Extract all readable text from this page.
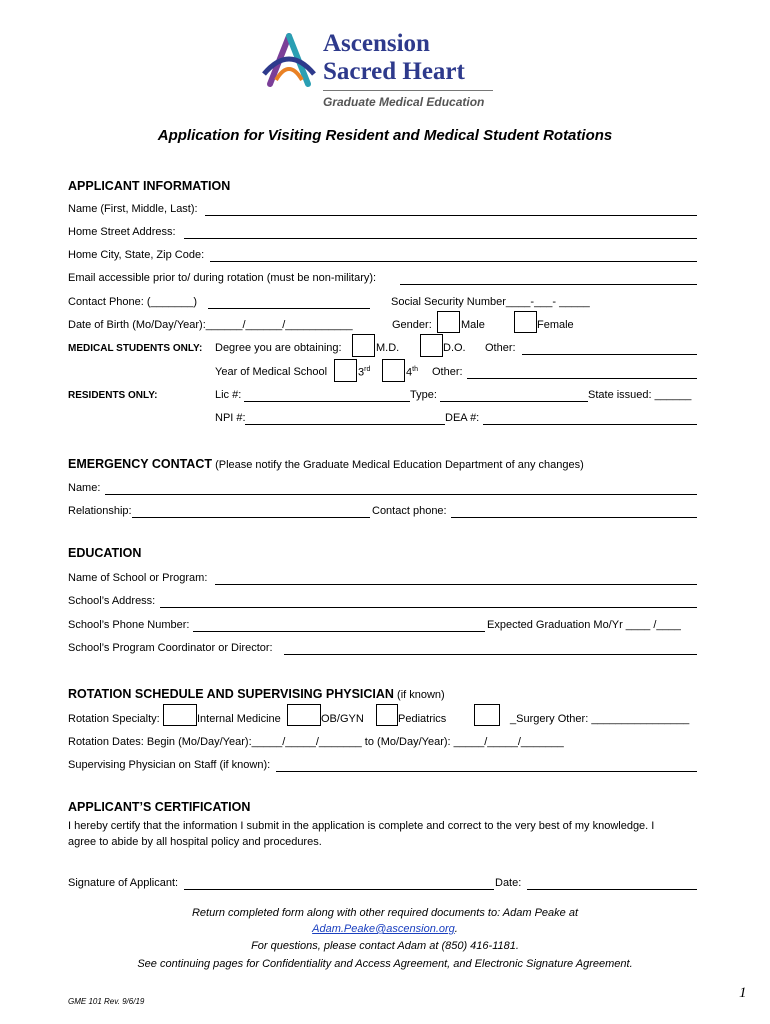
Ascension
Sacred Heart
Graduate Medical Education
Application for Visiting Resident and Medical Student Rotations
APPLICANT INFORMATION
Name (First, Middle, Last):
Home Street Address:
Home City, State, Zip Code:
Email accessible prior to/ during rotation (must be non-military):
Contact Phone: (_______)	Social Security Number____-___- _____
Date of Birth (Mo/Day/Year):______/______/___________	Gender:	Male	Female
MEDICAL STUDENTS ONLY: Degree you are obtaining:	M.D.	D.O. Other:
Year of Medical School	3rd	4th Other:
RESIDENTS ONLY:	Lic #:	Type:	State issued: ______
NPI #:	DEA #:
EMERGENCY CONTACT (Please notify the Graduate Medical Education Department of any changes)
Name:
Relationship:	Contact phone:
EDUCATION
Name of School or Program:
School’s Address:
School’s Phone Number:	Expected Graduation Mo/Yr ____ /____
School’s Program Coordinator or Director:
ROTATION SCHEDULE AND SUPERVISING PHYSICIAN (if known)
Rotation Specialty:	Internal Medicine	OB/GYN	Pediatrics	_Surgery Other: ________________
Rotation Dates: Begin (Mo/Day/Year):_____/_____/_______ to (Mo/Day/Year): _____/_____/_______
Supervising Physician on Staff (if known):
APPLICANT’S CERTIFICATION
I hereby certify that the information I submit in the application is complete and correct to the very best of my knowledge. I
agree to abide by all hospital policy and procedures.
Signature of Applicant:	Date:
Return completed form along with other required documents to: Adam Peake at
Adam.Peake@ascension.org.
For questions, please contact Adam at (850) 416-1181.
See continuing pages for Confidentiality and Access Agreement, and Electronic Signature Agreement.
GME 101 Rev. 9/6/19
1
